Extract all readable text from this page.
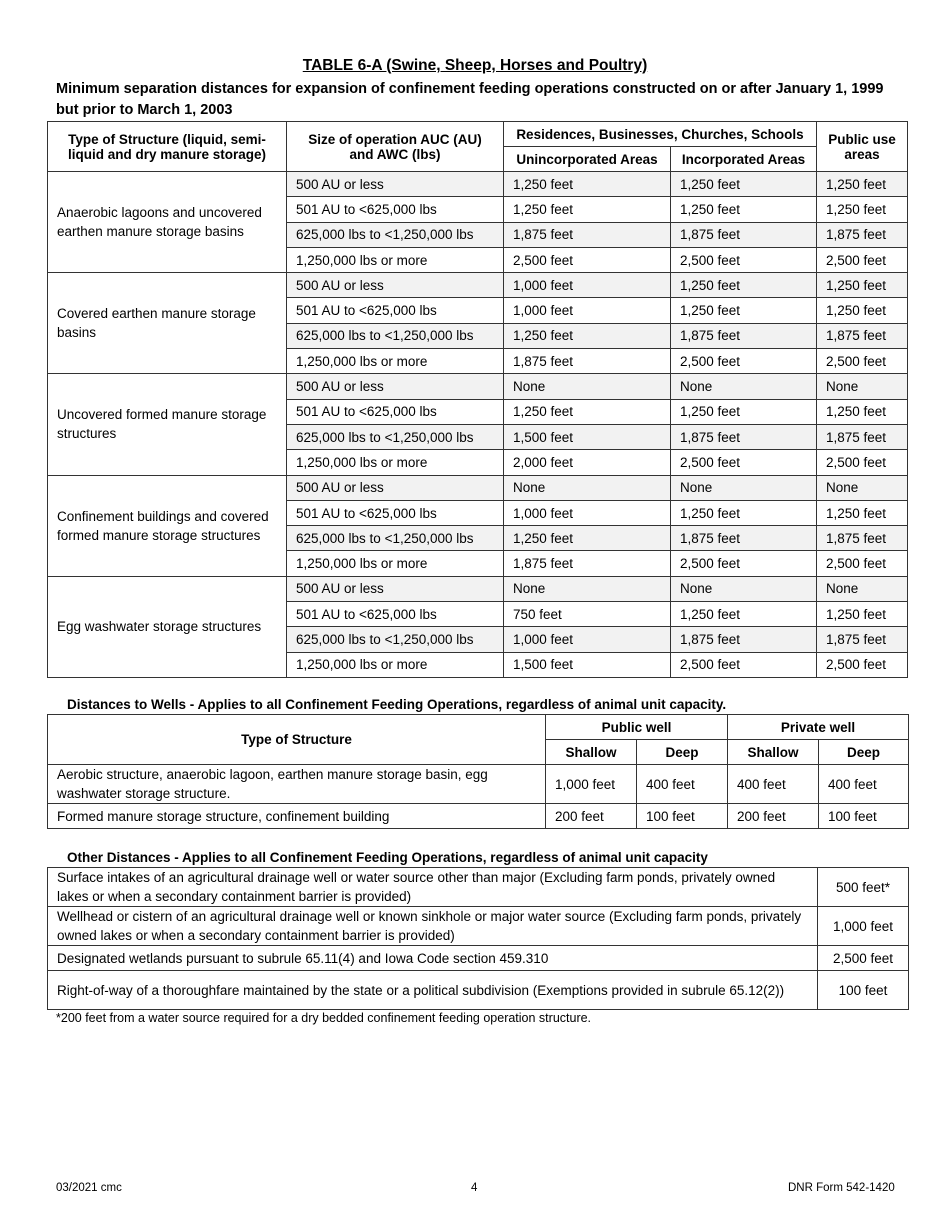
TABLE 6-A (Swine, Sheep, Horses and Poultry)
Minimum separation distances for expansion of confinement feeding operations constructed on or after January 1, 1999 but prior to March 1, 2003
Type of Structure (liquid, semi-liquid and dry manure storage)	Size of operation AUC (AU) and AWC (lbs)	Residences, Businesses, Churches, Schools		Public use areas
		Unincorporated Areas	Incorporated Areas	
Anaerobic lagoons and uncovered earthen manure storage basins	500 AU or less	1,250 feet	1,250 feet	1,250 feet
	501 AU to <625,000 lbs	1,250 feet	1,250 feet	1,250 feet
	625,000 lbs to <1,250,000 lbs	1,875 feet	1,875 feet	1,875 feet
	1,250,000 lbs or more	2,500 feet	2,500 feet	2,500 feet
Covered earthen manure storage basins	500 AU or less	1,000 feet	1,250 feet	1,250 feet
	501 AU to <625,000 lbs	1,000 feet	1,250 feet	1,250 feet
	625,000 lbs to <1,250,000 lbs	1,250 feet	1,875 feet	1,875 feet
	1,250,000 lbs or more	1,875 feet	2,500 feet	2,500 feet
Uncovered formed manure storage structures	500 AU or less	None	None	None
	501 AU to <625,000 lbs	1,250 feet	1,250 feet	1,250 feet
	625,000 lbs to <1,250,000 lbs	1,500 feet	1,875 feet	1,875 feet
	1,250,000 lbs or more	2,000 feet	2,500 feet	2,500 feet
Confinement buildings and covered formed manure storage structures	500 AU or less	None	None	None
	501 AU to <625,000 lbs	1,000 feet	1,250 feet	1,250 feet
	625,000 lbs to <1,250,000 lbs	1,250 feet	1,875 feet	1,875 feet
	1,250,000 lbs or more	1,875 feet	2,500 feet	2,500 feet
Egg washwater storage structures	500 AU or less	None	None	None
	501 AU to <625,000 lbs	750 feet	1,250 feet	1,250 feet
	625,000 lbs to <1,250,000 lbs	1,000 feet	1,875 feet	1,875 feet
	1,250,000 lbs or more	1,500 feet	2,500 feet	2,500 feet
Distances to Wells - Applies to all Confinement Feeding Operations, regardless of animal unit capacity.
Type of Structure	Public well		Private well	
	Shallow	Deep	Shallow	Deep
Aerobic structure, anaerobic lagoon, earthen manure storage basin, egg washwater storage structure.	1,000 feet	400 feet	400 feet	400 feet
Formed manure storage structure, confinement building	200 feet	100 feet	200 feet	100 feet
Other Distances - Applies to all Confinement Feeding Operations, regardless of animal unit capacity
Surface intakes of an agricultural drainage well or water source other than major (Excluding farm ponds, privately owned lakes or when a secondary containment barrier is provided)	500 feet*
Wellhead or cistern of an agricultural drainage well or known sinkhole or major water source (Excluding farm ponds, privately owned lakes or when a secondary containment barrier is provided)	1,000 feet
Designated wetlands pursuant to subrule 65.11(4) and Iowa Code section 459.310	2,500 feet
Right-of-way of a thoroughfare maintained by the state or a political subdivision (Exemptions provided in subrule 65.12(2))	100 feet
*200 feet from a water source required for a dry bedded confinement feeding operation structure.
03/2021 cmc	4	DNR Form 542-1420
